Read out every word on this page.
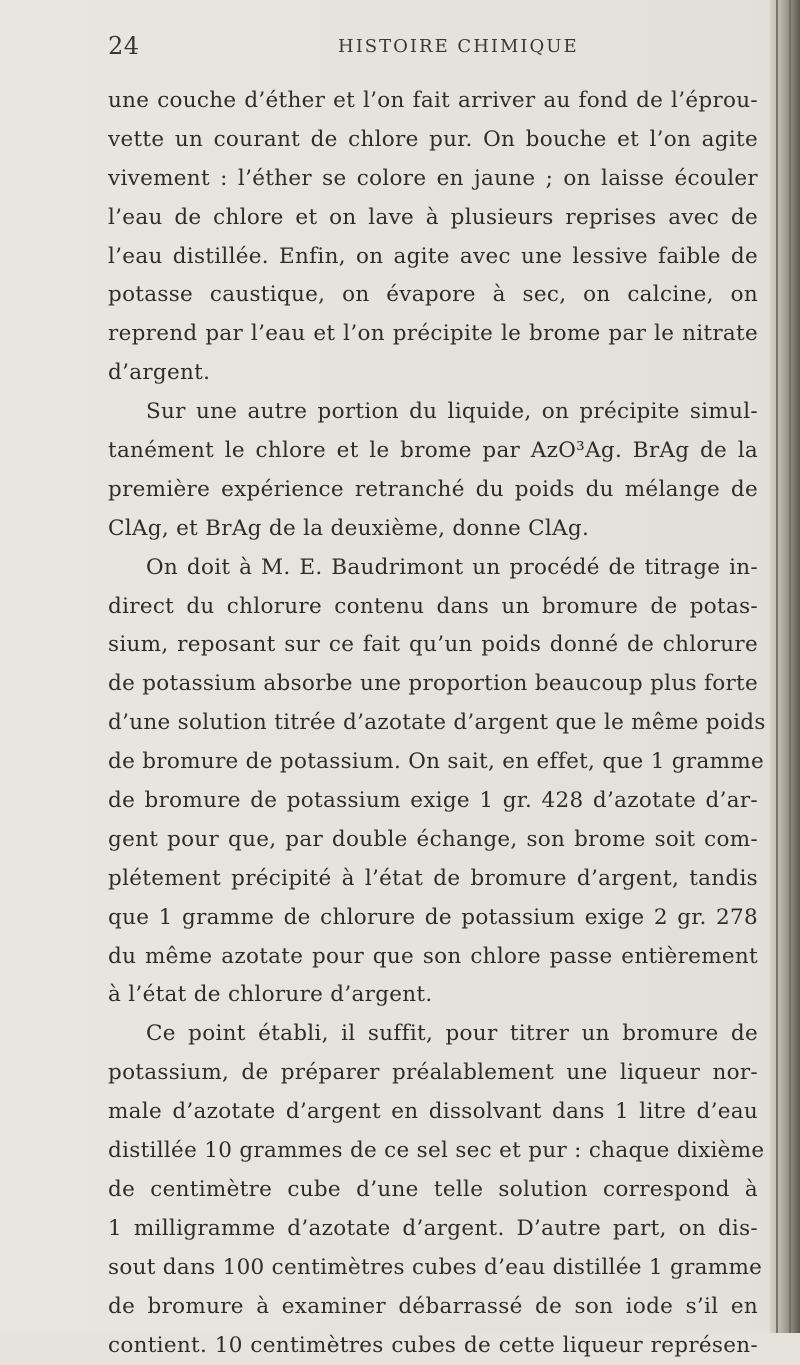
24	HISTOIRE CHIMIQUE
une couche d’éther et l’on fait arriver au fond de l’éprou-
vette un courant de chlore pur. On bouche et l’on agite
vivement : l’éther se colore en jaune ; on laisse écouler
l’eau de chlore et on lave à plusieurs reprises avec de
l’eau distillée. Enfin, on agite avec une lessive faible de
potasse caustique, on évapore à sec, on calcine, on
reprend par l’eau et l’on précipite le brome par le nitrate
d’argent.
Sur une autre portion du liquide, on précipite simul-
tanément le chlore et le brome par AzO³Ag. BrAg de la
première expérience retranché du poids du mélange de
ClAg, et BrAg de la deuxième, donne ClAg.
On doit à M. E. Baudrimont un procédé de titrage in-
direct du chlorure contenu dans un bromure de potas-
sium, reposant sur ce fait qu’un poids donné de chlorure
de potassium absorbe une proportion beaucoup plus forte
d’une solution titrée d’azotate d’argent que le même poids
de bromure de potassium. On sait, en effet, que 1 gramme
de bromure de potassium exige 1 gr. 428 d’azotate d’ar-
gent pour que, par double échange, son brome soit com-
plétement précipité à l’état de bromure d’argent, tandis
que 1 gramme de chlorure de potassium exige 2 gr. 278
du même azotate pour que son chlore passe entièrement
à l’état de chlorure d’argent.
Ce point établi, il suffit, pour titrer un bromure de
potassium, de préparer préalablement une liqueur nor-
male d’azotate d’argent en dissolvant dans 1 litre d’eau
distillée 10 grammes de ce sel sec et pur : chaque dixième
de centimètre cube d’une telle solution correspond à
1 milligramme d’azotate d’argent. D’autre part, on dis-
sout dans 100 centimètres cubes d’eau distillée 1 gramme
de bromure à examiner débarrassé de son iode s’il en
contient. 10 centimètres cubes de cette liqueur représen-
